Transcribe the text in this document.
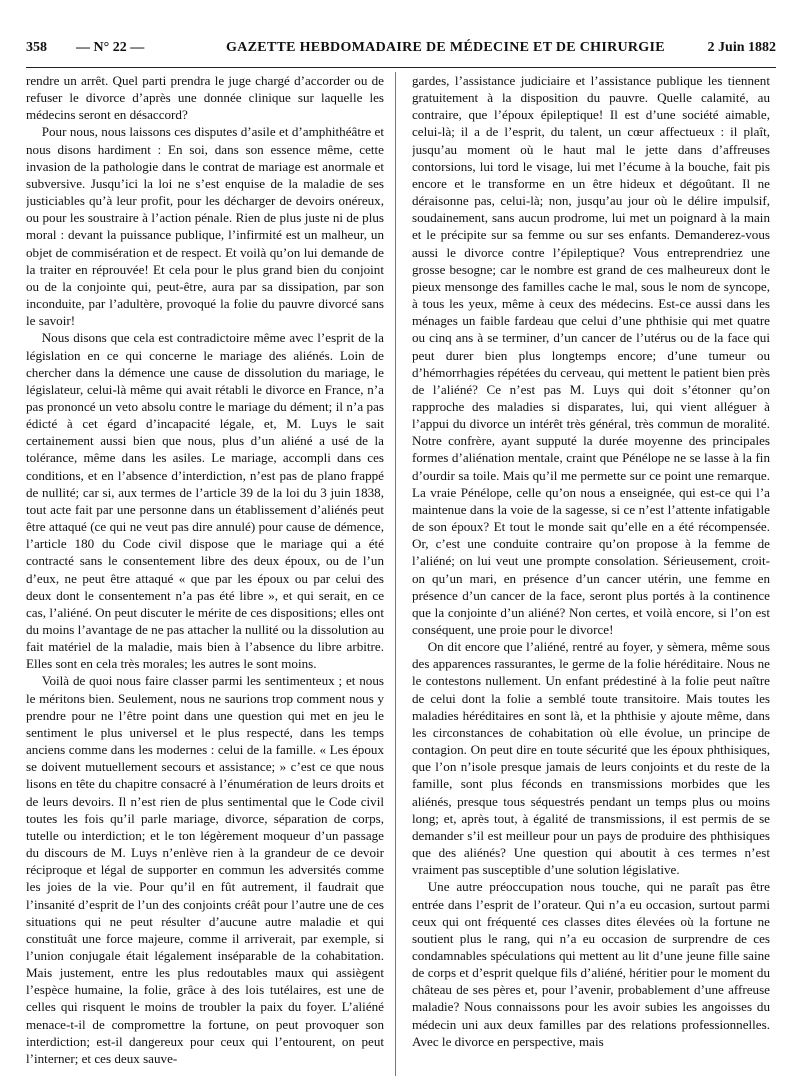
358 — N° 22 —	GAZETTE HEBDOMADAIRE DE MÉDECINE ET DE CHIRURGIE	2 Juin 1882

rendre un arrêt. Quel parti prendra le juge chargé d’accorder ou de refuser le divorce d’après une donnée clinique sur laquelle les médecins seront en désaccord?

Pour nous, nous laissons ces disputes d’asile et d’amphithéâtre et nous disons hardiment : En soi, dans son essence même, cette invasion de la pathologie dans le contrat de mariage est anormale et subversive. Jusqu’ici la loi ne s’est enquise de la maladie de ses justiciables qu’à leur profit, pour les décharger de devoirs onéreux, ou pour les soustraire à l’action pénale. Rien de plus juste ni de plus moral : devant la puissance publique, l’infirmité est un malheur, un objet de commisération et de respect. Et voilà qu’on lui demande de la traiter en réprouvée! Et cela pour le plus grand bien du conjoint ou de la conjointe qui, peut-être, aura par sa dissipation, par son inconduite, par l’adultère, provoqué la folie du pauvre divorcé sans le savoir!

Nous disons que cela est contradictoire même avec l’esprit de la législation en ce qui concerne le mariage des aliénés. Loin de chercher dans la démence une cause de dissolution du mariage, le législateur, celui-là même qui avait rétabli le divorce en France, n’a pas prononcé un veto absolu contre le mariage du dément; il n’a pas édicté à cet égard d’incapacité légale, et, M. Luys le sait certainement aussi bien que nous, plus d’un aliéné a usé de la tolérance, même dans les asiles. Le mariage, accompli dans ces conditions, et en l’absence d’interdiction, n’est pas de plano frappé de nullité; car si, aux termes de l’article 39 de la loi du 3 juin 1838, tout acte fait par une personne dans un établissement d’aliénés peut être attaqué (ce qui ne veut pas dire annulé) pour cause de démence, l’article 180 du Code civil dispose que le mariage qui a été contracté sans le consentement libre des deux époux, ou de l’un d’eux, ne peut être attaqué « que par les époux ou par celui des deux dont le consentement n’a pas été libre », et qui serait, en ce cas, l’aliéné. On peut discuter le mérite de ces dispositions; elles ont du moins l’avantage de ne pas attacher la nullité ou la dissolution au fait matériel de la maladie, mais bien à l’absence du libre arbitre. Elles sont en cela très morales; les autres le sont moins.

Voilà de quoi nous faire classer parmi les sentimenteux ; et nous le méritons bien. Seulement, nous ne saurions trop comment nous y prendre pour ne l’être point dans une question qui met en jeu le sentiment le plus universel et le plus respecté, dans les temps anciens comme dans les modernes : celui de la famille. « Les époux se doivent mutuellement secours et assistance; » c’est ce que nous lisons en tête du chapitre consacré à l’énumération de leurs droits et de leurs devoirs. Il n’est rien de plus sentimental que le Code civil toutes les fois qu’il parle mariage, divorce, séparation de corps, tutelle ou interdiction; et le ton légèrement moqueur d’un passage du discours de M. Luys n’enlève rien à la grandeur de ce devoir réciproque et légal de supporter en commun les adversités comme les joies de la vie. Pour qu’il en fût autrement, il faudrait que l’insanité d’esprit de l’un des conjoints créât pour l’autre une de ces situations qui ne peut résulter d’aucune autre maladie et qui constituât une force majeure, comme il arriverait, par exemple, si l’union conjugale était légalement inséparable de la cohabitation. Mais justement, entre les plus redoutables maux qui assiègent l’espèce humaine, la folie, grâce à des lois tutélaires, est une de celles qui risquent le moins de troubler la paix du foyer. L’aliéné menace-t-il de compromettre la fortune, on peut provoquer son interdiction; est-il dangereux pour ceux qui l’entourent, on peut l’interner; et ces deux sauve-

gardes, l’assistance judiciaire et l’assistance publique les tiennent gratuitement à la disposition du pauvre. Quelle calamité, au contraire, que l’époux épileptique! Il est d’une société aimable, celui-là; il a de l’esprit, du talent, un cœur affectueux : il plaît, jusqu’au moment où le haut mal le jette dans d’affreuses contorsions, lui tord le visage, lui met l’écume à la bouche, fait pis encore et le transforme en un être hideux et dégoûtant. Il ne déraisonne pas, celui-là; non, jusqu’au jour où le délire impulsif, soudainement, sans aucun prodrome, lui met un poignard à la main et le précipite sur sa femme ou sur ses enfants. Demanderez-vous aussi le divorce contre l’épileptique? Vous entreprendriez une grosse besogne; car le nombre est grand de ces malheureux dont le pieux mensonge des familles cache le mal, sous le nom de syncope, à tous les yeux, même à ceux des médecins. Est-ce aussi dans les ménages un faible fardeau que celui d’une phthisie qui met quatre ou cinq ans à se terminer, d’un cancer de l’utérus ou de la face qui peut durer bien plus longtemps encore; d’une tumeur ou d’hémorrhagies répétées du cerveau, qui mettent le patient bien près de l’aliéné? Ce n’est pas M. Luys qui doit s’étonner qu’on rapproche des maladies si disparates, lui, qui vient alléguer à l’appui du divorce un intérêt très général, très commun de moralité. Notre confrère, ayant supputé la durée moyenne des principales formes d’aliénation mentale, craint que Pénélope ne se lasse à la fin d’ourdir sa toile. Mais qu’il me permette sur ce point une remarque. La vraie Pénélope, celle qu’on nous a enseignée, qui est-ce qui l’a maintenue dans la voie de la sagesse, si ce n’est l’attente infatigable de son époux? Et tout le monde sait qu’elle en a été récompensée. Or, c’est une conduite contraire qu’on propose à la femme de l’aliéné; on lui veut une prompte consolation. Sérieusement, croit-on qu’un mari, en présence d’un cancer utérin, une femme en présence d’un cancer de la face, seront plus portés à la continence que la conjointe d’un aliéné? Non certes, et voilà encore, si l’on est conséquent, une proie pour le divorce!

On dit encore que l’aliéné, rentré au foyer, y sèmera, même sous des apparences rassurantes, le germe de la folie héréditaire. Nous ne le contestons nullement. Un enfant prédestiné à la folie peut naître de celui dont la folie a semblé toute transitoire. Mais toutes les maladies héréditaires en sont là, et la phthisie y ajoute même, dans les circonstances de cohabitation où elle évolue, un principe de contagion. On peut dire en toute sécurité que les époux phthisiques, que l’on n’isole presque jamais de leurs conjoints et du reste de la famille, sont plus féconds en transmissions morbides que les aliénés, presque tous séquestrés pendant un temps plus ou moins long; et, après tout, à égalité de transmissions, il est permis de se demander s’il est meilleur pour un pays de produire des phthisiques que des aliénés? Une question qui aboutit à ces termes n’est vraiment pas susceptible d’une solution législative.

Une autre préoccupation nous touche, qui ne paraît pas être entrée dans l’esprit de l’orateur. Qui n’a eu occasion, surtout parmi ceux qui ont fréquenté ces classes dites élevées où la fortune ne soutient plus le rang, qui n’a eu occasion de surprendre de ces condamnables spéculations qui mettent au lit d’une jeune fille saine de corps et d’esprit quelque fils d’aliéné, héritier pour le moment du château de ses pères et, pour l’avenir, probablement d’une affreuse maladie? Nous connaissons pour les avoir subies les angoisses du médecin uni aux deux familles par des relations professionnelles. Avec le divorce en perspective, mais
